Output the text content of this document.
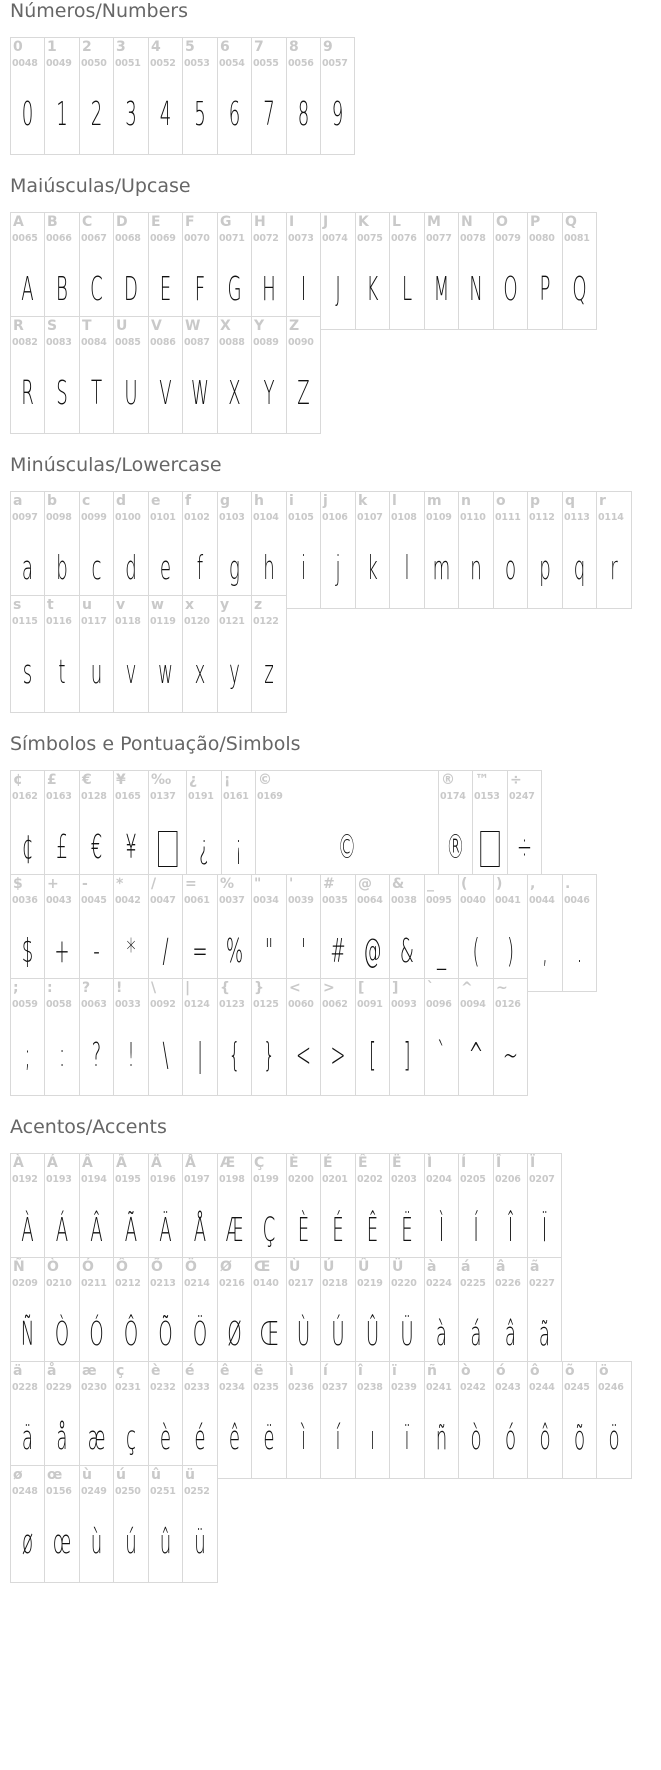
Números/Numbers
0
0048
0
1
0049
1
2
0050
2
3
0051
3
4
0052
4
5
0053
5
6
0054
6
7
0055
7
8
0056
8
9
0057
9
Maiúsculas/Upcase
A
0065
A
B
0066
B
C
0067
C
D
0068
D
E
0069
E
F
0070
F
G
0071
G
H
0072
H
I
0073
I
J
0074
J
K
0075
K
L
0076
L
M
0077
M
N
0078
N
O
0079
O
P
0080
P
Q
0081
Q
R
0082
R
S
0083
S
T
0084
T
U
0085
U
V
0086
V
W
0087
W
X
0088
X
Y
0089
Y
Z
0090
Z
Minúsculas/Lowercase
a
0097
a
b
0098
b
c
0099
c
d
0100
d
e
0101
e
f
0102
f
g
0103
g
h
0104
h
i
0105
i
j
0106
j
k
0107
k
l
0108
l
m
0109
m
n
0110
n
o
0111
o
p
0112
p
q
0113
q
r
0114
r
s
0115
s
t
0116
t
u
0117
u
v
0118
v
w
0119
w
x
0120
x
y
0121
y
z
0122
z
Símbolos e Pontuação/Simbols
¢
0162
¢
£
0163
£
€
0128
€
¥
0165
¥
‰
0137
¿
0191
¿
¡
0161
¡
©
0169
©
®
0174
®
™
0153
÷
0247
÷
$
0036
$
+
0043
+
-
0045
-
*
0042
*
/
0047
/
=
0061
=
%
0037
%
"
0034
"
'
0039
'
#
0035
#
@
0064
@
&
0038
&
_
0095
_
(
0040
(
)
0041
)
,
0044
,
.
0046
.
;
0059
;
:
0058
:
?
0063
?
!
0033
!
\
0092
\
|
0124
|
{
0123
{
}
0125
}
<
0060
<
>
0062
>
[
0091
[
]
0093
]
`
0096
`
^
0094
^
~
0126
~
Acentos/Accents
À
0192
À
Á
0193
Á
Â
0194
Â
Ã
0195
Ã
Ä
0196
Ä
Å
0197
Å
Æ
0198
Æ
Ç
0199
Ç
È
0200
È
É
0201
É
Ê
0202
Ê
Ë
0203
Ë
Ì
0204
Ì
Í
0205
Í
Î
0206
Î
Ï
0207
Ï
Ñ
0209
Ñ
Ò
0210
Ò
Ó
0211
Ó
Ô
0212
Ô
Õ
0213
Õ
Ö
0214
Ö
Ø
0216
Ø
Œ
0140
Œ
Ù
0217
Ù
Ú
0218
Ú
Û
0219
Û
Ü
0220
Ü
à
0224
à
á
0225
á
â
0226
â
ã
0227
ã
ä
0228
ä
å
0229
å
æ
0230
æ
ç
0231
ç
è
0232
è
é
0233
é
ê
0234
ê
ë
0235
ë
ì
0236
ì
í
0237
í
î
0238
ı
ï
0239
ï
ñ
0241
ñ
ò
0242
ò
ó
0243
ó
ô
0244
ô
õ
0245
õ
ö
0246
ö
ø
0248
ø
œ
0156
œ
ù
0249
ù
ú
0250
ú
û
0251
û
ü
0252
ü
